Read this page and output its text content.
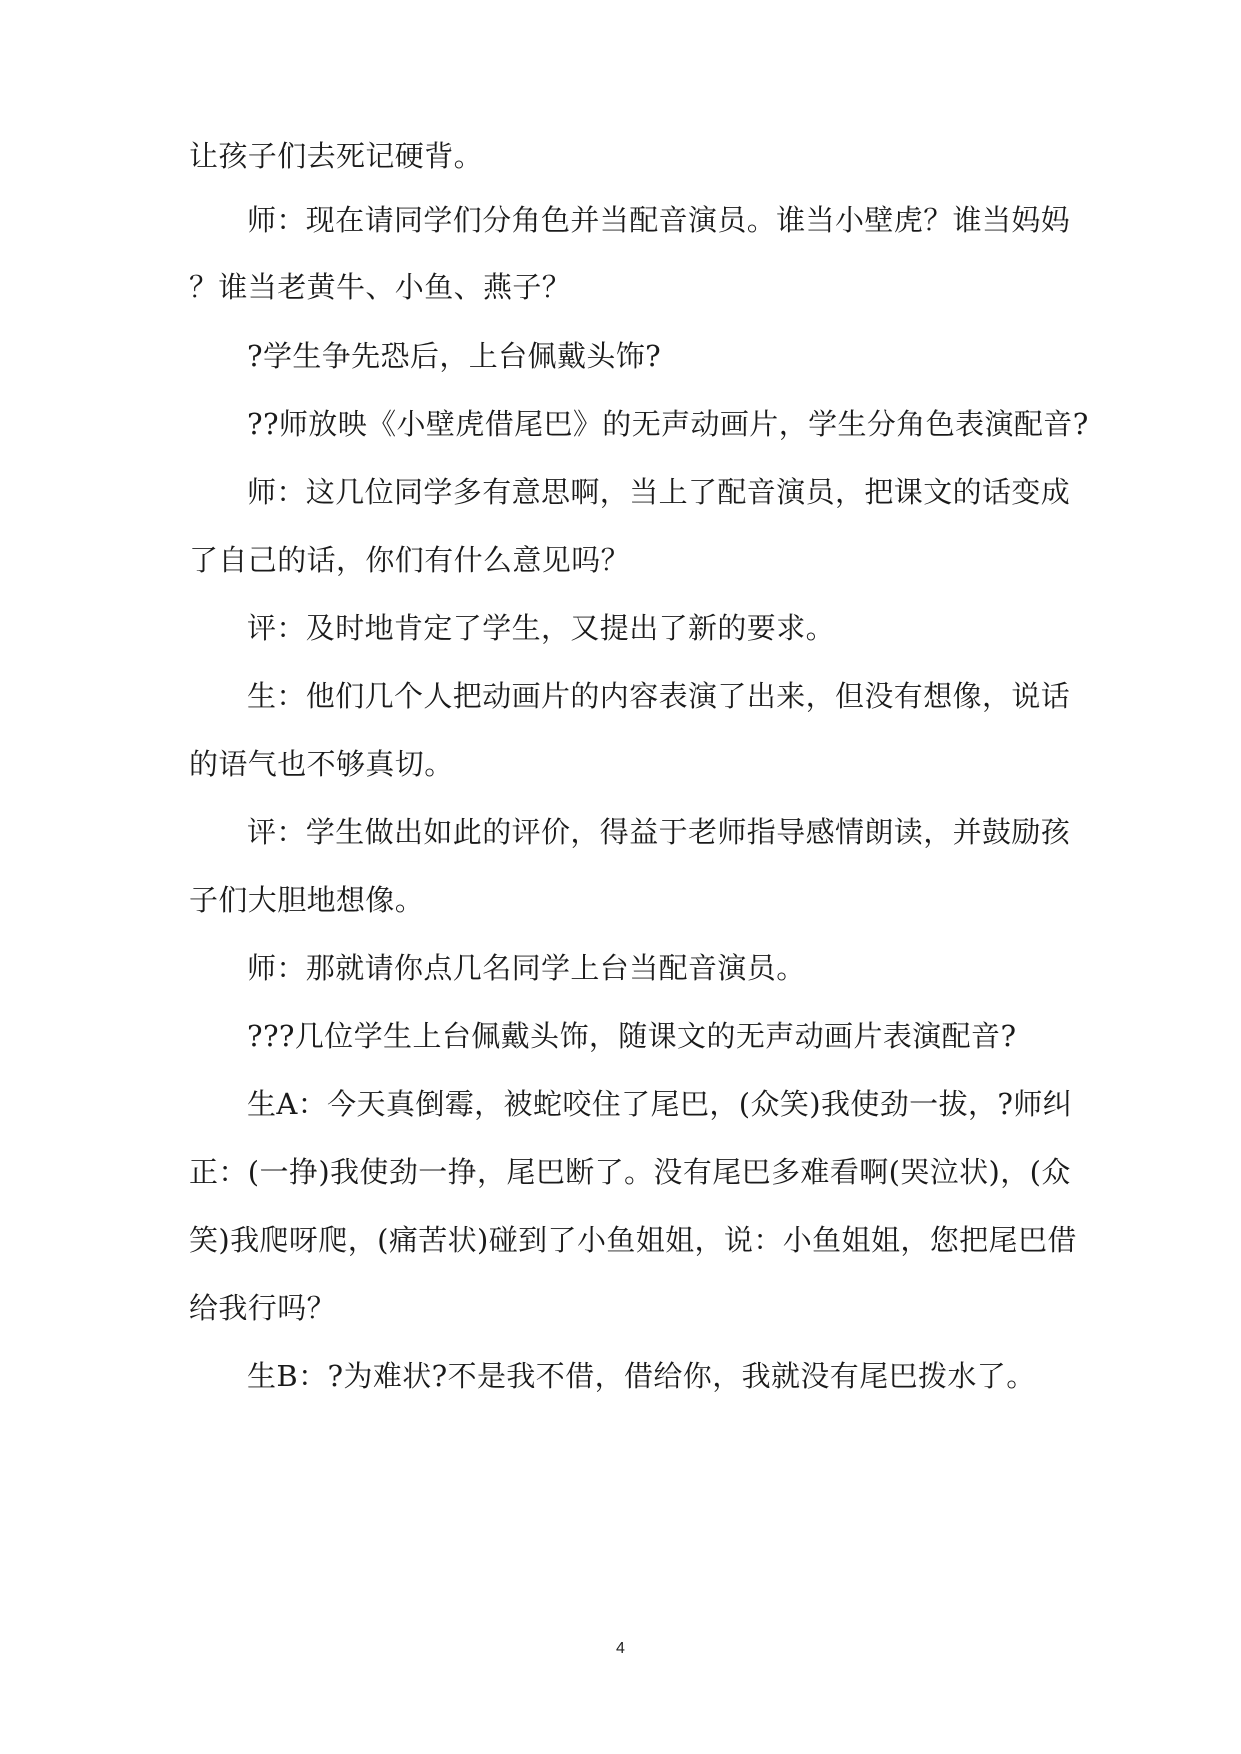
让孩子们去死记硬背。
师：现在请同学们分角色并当配音演员。谁当小壁虎？谁当妈妈
？谁当老黄牛、小鱼、燕子？
?学生争先恐后，上台佩戴头饰?
??师放映《小壁虎借尾巴》的无声动画片，学生分角色表演配音?
师：这几位同学多有意思啊，当上了配音演员，把课文的话变成
了自己的话，你们有什么意见吗？
评：及时地肯定了学生，又提出了新的要求。
生：他们几个人把动画片的内容表演了出来，但没有想像，说话
的语气也不够真切。
评：学生做出如此的评价，得益于老师指导感情朗读，并鼓励孩
子们大胆地想像。
师：那就请你点几名同学上台当配音演员。
???几位学生上台佩戴头饰，随课文的无声动画片表演配音?
生A：今天真倒霉，被蛇咬住了尾巴，(众笑)我使劲一拔，?师纠
正：(一挣)我使劲一挣，尾巴断了。没有尾巴多难看啊(哭泣状)，(众
笑)我爬呀爬，(痛苦状)碰到了小鱼姐姐，说：小鱼姐姐，您把尾巴借
给我行吗？
生B：?为难状?不是我不借，借给你，我就没有尾巴拨水了。
4
